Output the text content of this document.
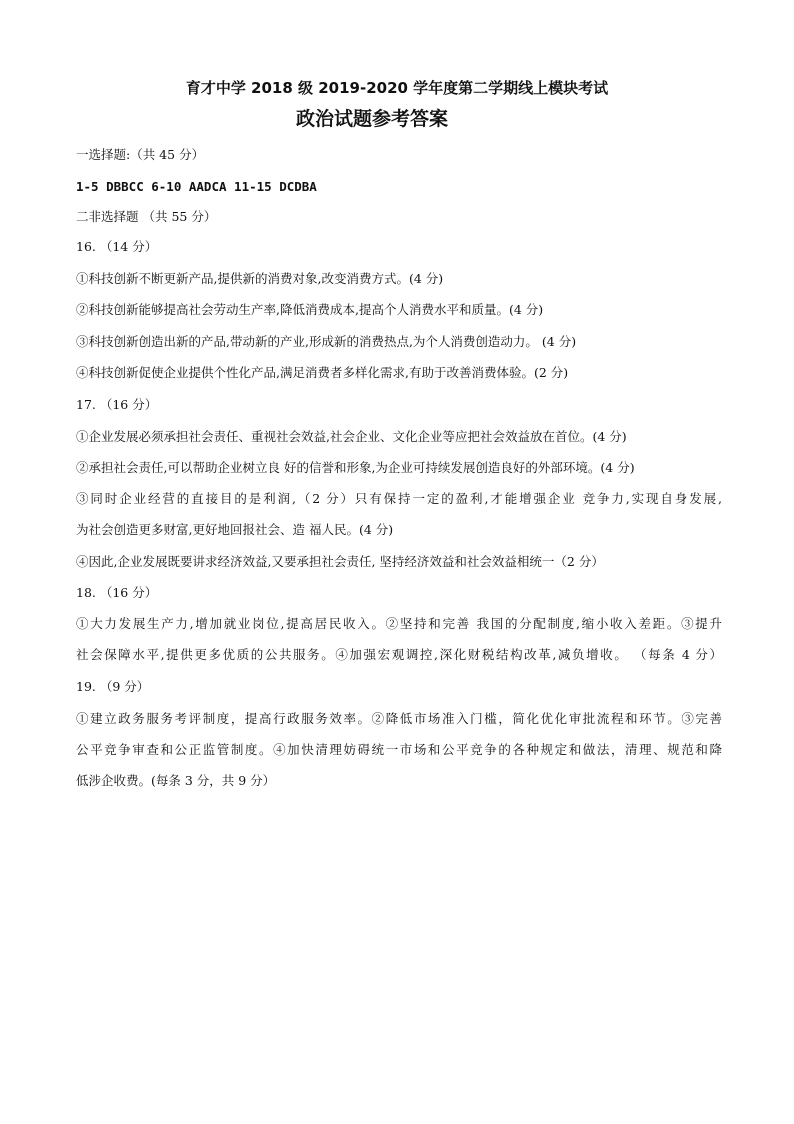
育才中学 2018 级 2019-2020 学年度第二学期线上模块考试
政治试题参考答案
一选择题:（共 45 分）
1-5 DBBCC 6-10 AADCA 11-15 DCDBA
二非选择题 （共 55 分）
16. （14 分）
①科技创新不断更新产品,提供新的消费对象,改变消费方式。(4 分)
②科技创新能够提高社会劳动生产率,降低消费成本,提高个人消费水平和质量。(4 分)
③科技创新创造出新的产品,带动新的产业,形成新的消费热点,为个人消费创造动力。 (4 分)
④科技创新促使企业提供个性化产品,满足消费者多样化需求,有助于改善消费体验。(2 分)
17. （16 分）
①企业发展必须承担社会责任、重视社会效益,社会企业、文化企业等应把社会效益放在首位。(4 分)
②承担社会责任,可以帮助企业树立良 好的信誉和形象,为企业可持续发展创造良好的外部环境。(4 分)
③同时企业经营的直接目的是利润,（2 分）只有保持一定的盈利,才能增强企业 竞争力,实现自身发展,
为社会创造更多财富,更好地回报社会、造 福人民。(4 分)
④因此,企业发展既要讲求经济效益,又要承担社会责任, 坚持经济效益和社会效益相统一（2 分）
18. （16 分）
①大力发展生产力,增加就业岗位,提高居民收入。②坚持和完善 我国的分配制度,缩小收入差距。③提升
社会保障水平,提供更多优质的公共服务。④加强宏观调控,深化财税结构改革,减负增收。 （每条 4 分）
19. （9 分）
①建立政务服务考评制度，提高行政服务效率。②降低市场准入门槛，简化优化审批流程和环节。③完善
公平竞争审查和公正监管制度。④加快清理妨碍统一市场和公平竞争的各种规定和做法，清理、规范和降
低涉企收费。(每条 3 分，共 9 分）
